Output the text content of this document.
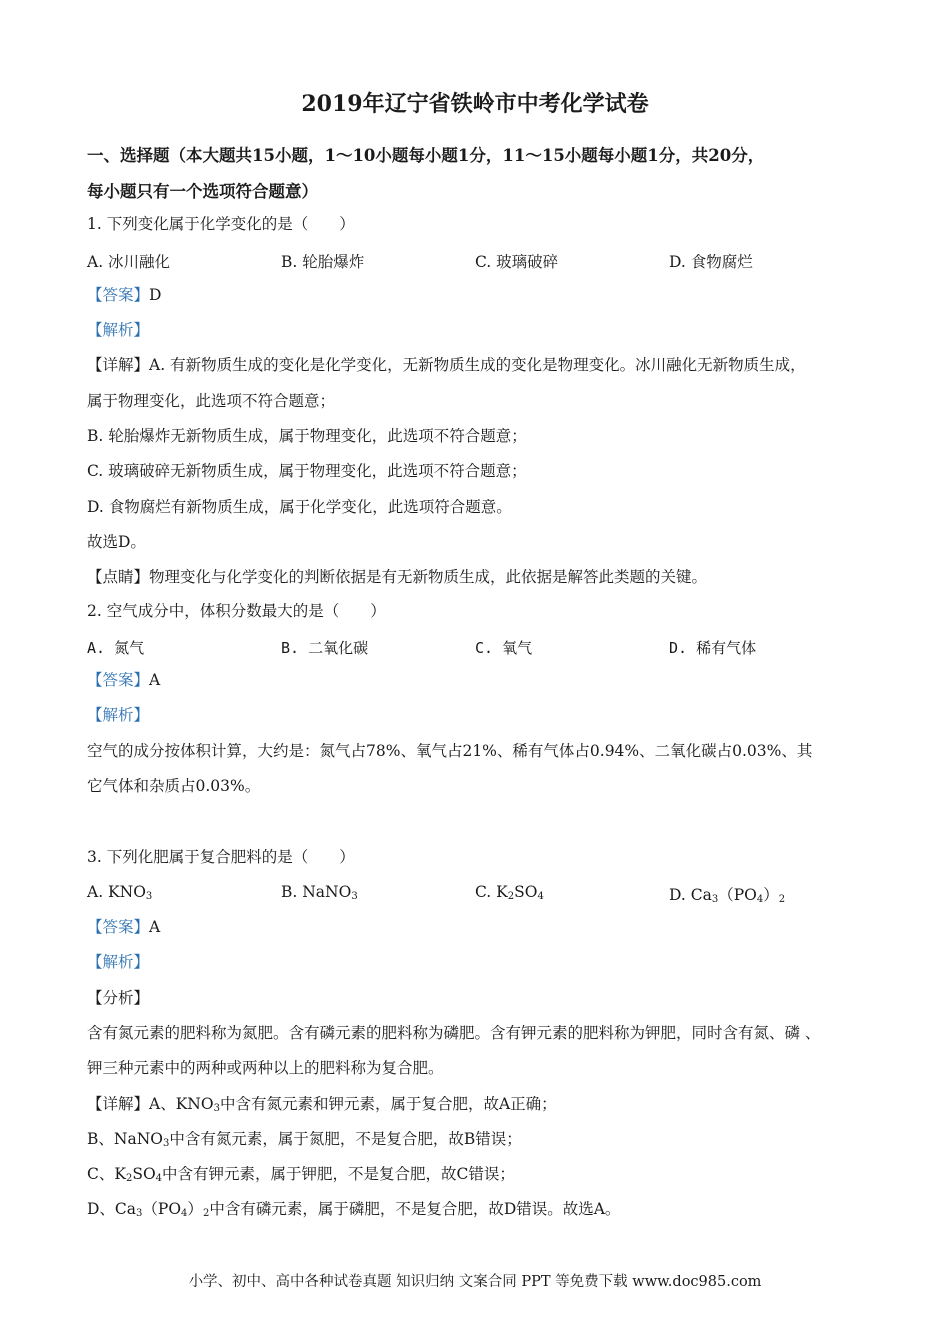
2019年辽宁省铁岭市中考化学试卷
一、选择题（本大题共15小题，1～10小题每小题1分，11～15小题每小题1分，共20分，
每小题只有一个选项符合题意）
1. 下列变化属于化学变化的是（　　）
A. 冰川融化	B. 轮胎爆炸	C. 玻璃破碎	D. 食物腐烂
【答案】D
【解析】
【详解】A. 有新物质生成的变化是化学变化，无新物质生成的变化是物理变化。冰川融化无新物质生成，
属于物理变化，此选项不符合题意；
B. 轮胎爆炸无新物质生成，属于物理变化，此选项不符合题意；
C. 玻璃破碎无新物质生成，属于物理变化，此选项不符合题意；
D. 食物腐烂有新物质生成，属于化学变化，此选项符合题意。
故选D。
【点睛】物理变化与化学变化的判断依据是有无新物质生成，此依据是解答此类题的关键。
2. 空气成分中，体积分数最大的是（　　）
A. 氮气	B. 二氧化碳	C. 氧气	D. 稀有气体
【答案】A
【解析】
空气的成分按体积计算，大约是：氮气占78%、氧气占21%、稀有气体占0.94%、二氧化碳占0.03%、其
它气体和杂质占0.03%。
3. 下列化肥属于复合肥料的是（　　）
A. $KNO_3$	B. NaNO$_3$	C. $K_2SO_4$	D. $Ca_3(PO_4)_2$
【答案】A
【解析】
【分析】
含有氮元素的肥料称为氮肥。含有磷元素的肥料称为磷肥。含有钾元素的肥料称为钾肥，同时含有氮、磷 、
钾三种元素中的两种或两种以上的肥料称为复合肥。
【详解】A、$KNO_3$中含有氮元素和钾元素，属于复合肥，故A正确；
B、NaNO$_3$中含有氮元素，属于氮肥，不是复合肥，故B错误；
C、$K_2SO_4$中含有钾元素，属于钾肥，不是复合肥，故C错误；
D、$Ca_3(PO_4)_2$中含有磷元素，属于磷肥，不是复合肥，故D错误。故选A。
小学、初中、高中各种试卷真题 知识归纳 文案合同 PPT 等免费下载 www.doc985.com
